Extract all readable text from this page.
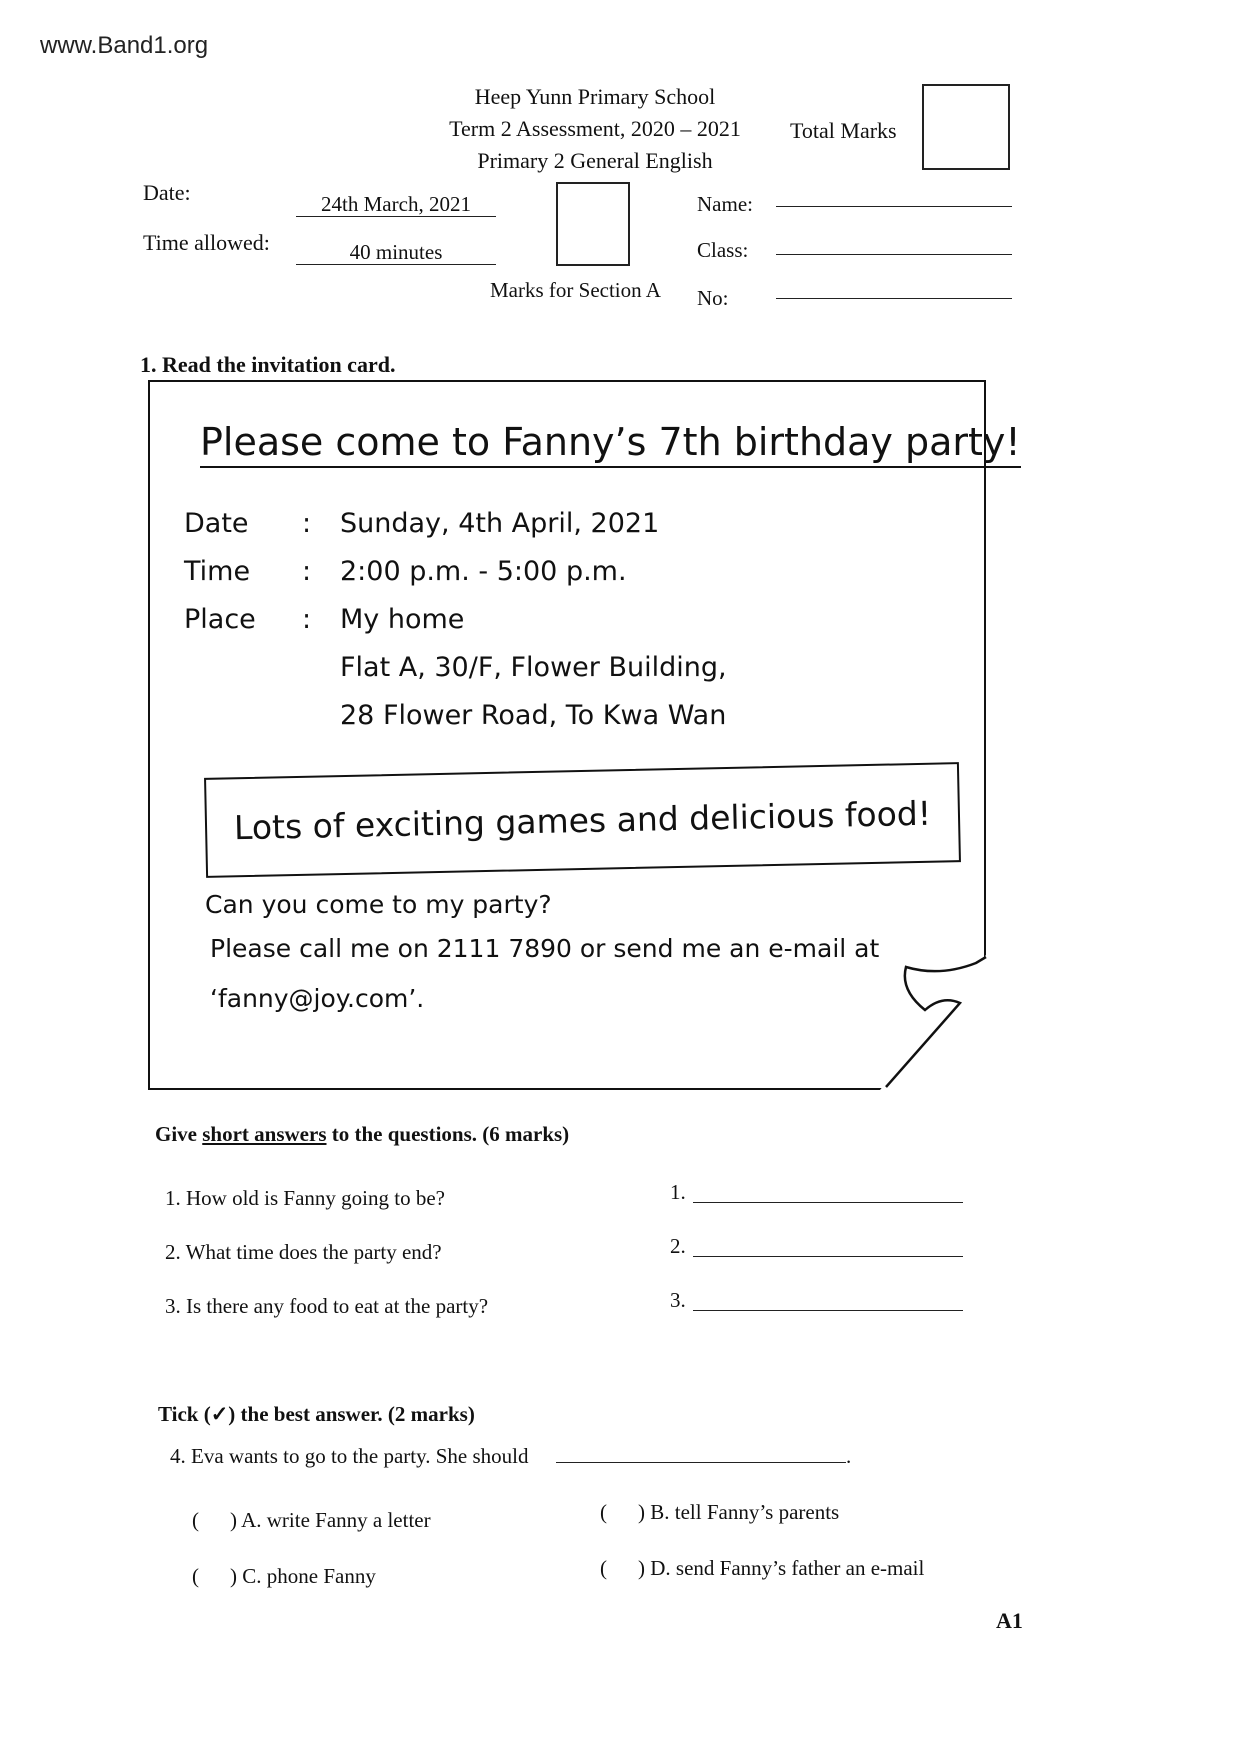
www.Band1.org
Heep Yunn Primary School
Term 2 Assessment, 2020 – 2021
Primary 2 General English
Total Marks
Date:	24th March, 2021
Time allowed:	40 minutes
Marks for Section A
Name:
Class:
No:
1. Read the invitation card.
Please come to Fanny’s 7th birthday party!
Date : Sunday, 4th April, 2021
Time : 2:00 p.m. - 5:00 p.m.
Place : My home
Flat A, 30/F, Flower Building,
28 Flower Road, To Kwa Wan
Lots of exciting games and delicious food!
Can you come to my party?
Please call me on 2111 7890 or send me an e-mail at
‘fanny@joy.com’.
Give short answers to the questions. (6 marks)
1. How old is Fanny going to be?	1.
2. What time does the party end?	2.
3. Is there any food to eat at the party?	3.
Tick (✓) the best answer. (2 marks)
4. Eva wants to go to the party. She should	.
( ) A. write Fanny a letter	( ) B. tell Fanny’s parents
( ) C. phone Fanny	( ) D. send Fanny’s father an e-mail
A1
